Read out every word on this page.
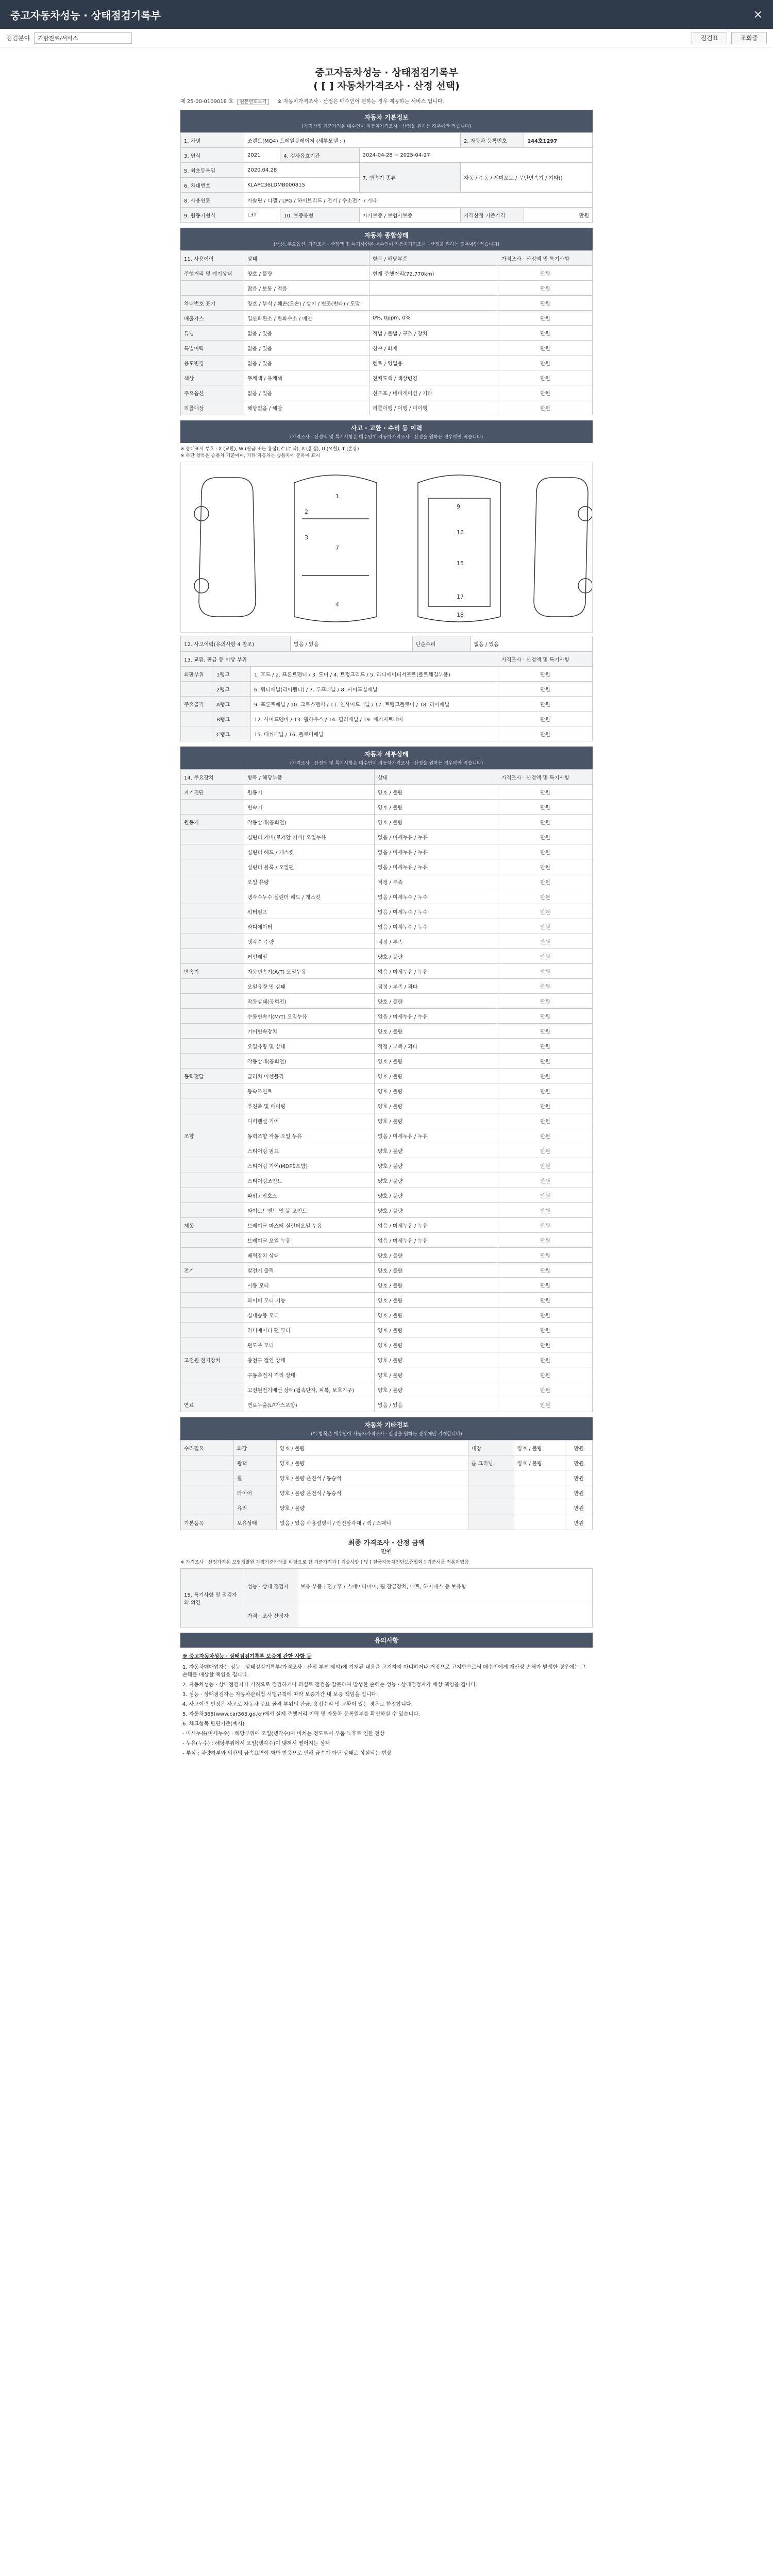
중고자동차성능 · 상태점검기록부	×
점검분야	가랑진로/서비스	점검표	조회중
중고자동차성능 · 상태점검기록부
( [ ] 자동차가격조사 · 산정 선택)
제 25-00-0109018 호 원본번호보기	※ 자동차가격조사 · 산정은 매수인이 원하는 경우 제공하는 서비스 입니다.
자동차 기본정보
(가격산정 기준가격은 매수인이 자동차가격조사 · 산정을 원하는 경우에만 적습니다)
1. 차명	쏘렌토(MQ4) 트레일블레이저 (세부모델 : )			2. 자동차 등록번호	144호1297
3. 연식	2021	4. 검사유효기간	2024-04-28 ~ 2025-04-27		
5. 최초등록일	2020.04.28		7. 변속기 종류	자동 / 수동 / 세미오토 / 무단변속기 / 기타()	
6. 차대번호	KLAPC36LDMB000815				
8. 사용연료	가솔린 / 디젤 / LPG / 하이브리드 / 전기 / 수소전기 / 기타				
9. 원동기형식	L3T	10. 보증유형	자가보증 / 보험사보증	가격산정 기준가격	만원
자동차 종합상태
(색상, 주요옵션, 가격조사 · 산정액 및 특기사항은 매수인이 자동차가격조사 · 산정을 원하는 경우에만 적습니다)
11. 사용이력	상태	항목 / 해당부품	가격조사 · 산정액 및 특기사항
주행거리 및 계기상태	양호 / 불량	현재 주행거리(72,770km)	만원
	많음 / 보통 / 적음		만원
차대번호 표기	양호 / 부식 / 훼손(오손) / 상이 / 변조(변타) / 도말		만원
배출가스	일산화탄소 / 탄화수소 / 매연	0%, 0ppm, 0%	만원
튜닝	없음 / 있음	적법 / 불법 / 구조 / 장치	만원
특별이력	없음 / 있음	침수 / 화재	만원
용도변경	없음 / 있음	렌트 / 영업용	만원
색상	무채색 / 유채색	전체도색 / 색상변경	만원
주요옵션	없음 / 있음	선루프 / 네비게이션 / 기타	만원
리콜대상	해당없음 / 해당	리콜이행 / 이행 / 미이행	만원
사고 · 교환 · 수리 등 이력
(가격조사 · 산정액 및 특기사항은 매수인이 자동차가격조사 · 산정을 원하는 경우에만 적습니다)
※ 상태표시 부호 : X (교환), W (판금 또는 용접), C (부식), A (흠집), U (요철), T (손상)
※ 하단 항목은 승용차 기준이며, 기타 자동차는 승용차에 준하여 표시
1
7
4
2
3
9
16
15
17
18
12. 사고이력(유의사항 4 참조)	없음 / 있음	단순수리	없음 / 있음
13. 교환, 판금 등 이상 부위			가격조사 · 산정액 및 특기사항
외판부위	1랭크	1. 후드 / 2. 프론트펜더 / 3. 도어 / 4. 트렁크리드 / 5. 라디에이터서포트(볼트체결부품)	만원
	2랭크	6. 쿼터패널(리어펜더) / 7. 루프패널 / 8. 사이드실패널	만원
주요골격	A랭크	9. 프론트패널 / 10. 크로스멤버 / 11. 인사이드패널 / 17. 트렁크플로어 / 18. 리어패널	만원
	B랭크	12. 사이드멤버 / 13. 휠하우스 / 14. 필러패널 / 19. 패키지트레이	만원
	C랭크	15. 대쉬패널 / 16. 플로어패널	만원
자동차 세부상태
(가격조사 · 산정액 및 특기사항은 매수인이 자동차가격조사 · 산정을 원하는 경우에만 적습니다)
14. 주요장치	항목 / 해당부품	상태	가격조사 · 산정액 및 특기사항
자기진단	원동기	양호 / 불량	만원
	변속기	양호 / 불량	만원
원동기	작동상태(공회전)	양호 / 불량	만원
	실린더 커버(로커암 커버) 오일누유	없음 / 미세누유 / 누유	만원
	실린더 헤드 / 개스킷	없음 / 미세누유 / 누유	만원
	실린더 블록 / 오일팬	없음 / 미세누유 / 누유	만원
	오일 유량	적정 / 부족	만원
	냉각수누수 실린더 헤드 / 개스킷	없음 / 미세누수 / 누수	만원
	워터펌프	없음 / 미세누수 / 누수	만원
	라디에이터	없음 / 미세누수 / 누수	만원
	냉각수 수량	적정 / 부족	만원
	커먼레일	양호 / 불량	만원
변속기	자동변속기(A/T) 오일누유	없음 / 미세누유 / 누유	만원
	오일유량 및 상태	적정 / 부족 / 과다	만원
	작동상태(공회전)	양호 / 불량	만원
	수동변속기(M/T) 오일누유	없음 / 미세누유 / 누유	만원
	기어변속장치	양호 / 불량	만원
	오일유량 및 상태	적정 / 부족 / 과다	만원
	작동상태(공회전)	양호 / 불량	만원
동력전달	클러치 어셈블리	양호 / 불량	만원
	등속조인트	양호 / 불량	만원
	추진축 및 베어링	양호 / 불량	만원
	디퍼렌셜 기어	양호 / 불량	만원
조향	동력조향 작동 오일 누유	없음 / 미세누유 / 누유	만원
	스티어링 펌프	양호 / 불량	만원
	스티어링 기어(MDPS포함)	양호 / 불량	만원
	스티어링조인트	양호 / 불량	만원
	파워고압호스	양호 / 불량	만원
	타이로드엔드 및 볼 조인트	양호 / 불량	만원
제동	브레이크 마스터 실린더오일 누유	없음 / 미세누유 / 누유	만원
	브레이크 오일 누유	없음 / 미세누유 / 누유	만원
	배력장치 상태	양호 / 불량	만원
전기	발전기 출력	양호 / 불량	만원
	시동 모터	양호 / 불량	만원
	와이퍼 모터 기능	양호 / 불량	만원
	실내송풍 모터	양호 / 불량	만원
	라디에이터 팬 모터	양호 / 불량	만원
	윈도우 모터	양호 / 불량	만원
고전원 전기장치	충전구 절연 상태	양호 / 불량	만원
	구동축전지 격리 상태	양호 / 불량	만원
	고전원전기배선 상태(접속단자, 피복, 보호기구)	양호 / 불량	만원
연료	연료누출(LP가스포함)	없음 / 있음	만원
자동차 기타정보
(이 항목은 매수인이 자동차가격조사 · 산정을 원하는 경우에만 기재합니다)
수리필요	외장	양호 / 불량	내장	양호 / 불량	만원
	광택	양호 / 불량	룸 크리닝	양호 / 불량	만원
	휠	양호 / 불량 운전석 / 동승석			만원
	타이어	양호 / 불량 운전석 / 동승석			만원
	유리	양호 / 불량			만원
기본품목	보유상태	없음 / 있음 사용설명서 / 안전삼각대 / 잭 / 스패너			만원
최종 가격조사 · 산정 금액
만원
※ 가격조사 · 산정가격은 보험개발원 차량기준가액을 바탕으로 한 기준가격과 [ 기술사항 ] 및 [ 한국자동차진단보증협회 ] 기준서를 적용하였음
15. 특기사항 및 점검자의 의견	성능 · 상태 점검자	보유 부품 : 전 / 후 / 스페어타이어, 휠 잠금장치, 매트, 하이패스 등 보유함
	가격 · 조사 산정자	
유의사항
※ 중고자동차성능 · 상태점검기록부 보증에 관한 사항 등

1. 자동차매매업자는 성능 · 상태점검기록부(가격조사 · 산정 부분 제외)에 기재된 내용을 고지하지 아니하거나 거짓으로 고지함으로써 매수인에게 재산상 손해가 발생한 경우에는 그 손해를 배상할 책임을 집니다.

2. 자동차성능 · 상태점검자가 거짓으로 점검하거나 과실로 점검을 잘못하여 발생한 손해는 성능 · 상태점검자가 배상 책임을 집니다.

3. 성능 · 상태점검자는 자동차관리법 시행규칙에 따라 보증기간 내 보증 책임을 집니다.

4. 사고이력 인정은 사고로 자동차 주요 골격 부위의 판금, 용접수리 및 교환이 있는 경우로 한정합니다.

5. 자동차365(www.car365.go.kr)에서 실제 주행거리 이력 및 자동차 등록원부를 확인하실 수 있습니다.

6. 체크항목 판단기준(예시)

- 미세누유(미세누수) : 해당부위에 오일(냉각수)이 비치는 정도로서 부품 노후로 인한 현상

- 누유(누수) : 해당부위에서 오일(냉각수)이 맺혀서 떨어지는 상태

- 부식 : 차량하부와 외판의 금속표면이 화학 반응으로 인해 금속이 아닌 상태로 상실되는 현상
